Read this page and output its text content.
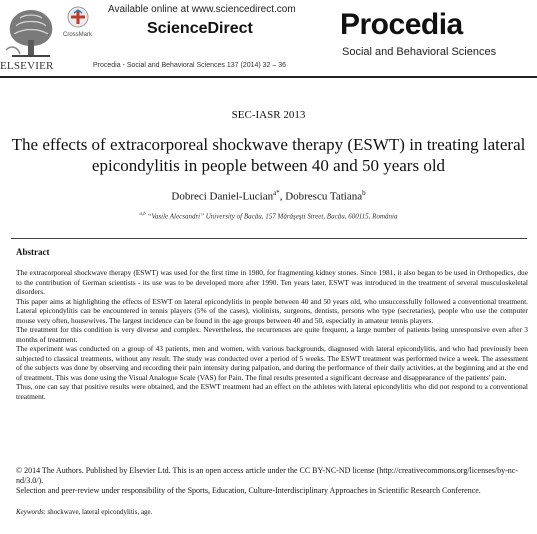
ELSEVIER
CrossMark
Available online at www.sciencedirect.com
ScienceDirect
Procedia - Social and Behavioral Sciences 137 (2014) 32 – 36
Procedia
Social and Behavioral Sciences
SEC-IASR 2013
The effects of extracorporeal shockwave therapy (ESWT) in treating lateral epicondylitis in people between 40 and 50 years old
Dobreci Daniel-Lucian$^{a*}$, Dobrescu Tatiana$^b$
$^{a,b}$ “Vasile Alecsandri” University of Bacău, 157 Mărăşeşti Street, Bacău, 600115, România
Abstract

The extracorporeal shockwave therapy (ESWT) was used for the first time in 1980, for fragmenting kidney stones. Since 1981, it also began to be used in Orthopedics, due to the contribution of German scientists - its use was to be developed more after 1990. Ten years later, ESWT was introduced in the treatment of several musculoskeletal disorders.

This paper aims at highlighting the effects of ESWT on lateral epicondylitis in people between 40 and 50 years old, who unsuccessfully followed a conventional treatment. Lateral epicondylitis can be encountered in tennis players (5% of the cases), violinists, surgeons, dentists, persons who type (secretaries), people who use the computer mouse very often, housewives. The largest incidence can be found in the age groups between 40 and 50, especially in amateur tennis players.

The treatment for this condition is very diverse and complex. Nevertheless, the recurrences are quite frequent, a large number of patients being unresponsive even after 3 months of treatment.

The experiment was conducted on a group of 43 patients, men and women, with various backgrounds, diagnosed with lateral epicondylitis, and who had previously been subjected to classical treatments, without any result. The study was conducted over a period of 5 weeks. The ESWT treatment was performed twice a week. The assessment of the subjects was done by observing and recording their pain intensity during palpation, and during the performance of their daily activities, at the beginning and at the end of treatment. This was done using the Visual Analogue Scale (VAS) for Pain. The final results presented a significant decrease and disappearance of the patients' pain.

Thus, one can say that positive results were obtained, and the ESWT treatment had an effect on the athletes with lateral epicondylitis who did not respond to a conventional treatment.

© 2014 The Authors. Published by Elsevier Ltd. This is an open access article under the CC BY-NC-ND license (http://creativecommons.org/licenses/by-nc-nd/3.0/).

Selection and peer-review under responsibility of the Sports, Education, Culture-Interdisciplinary Approaches in Scientific Research Conference.

Keywords: shockwave, lateral epicondylitis, age.
